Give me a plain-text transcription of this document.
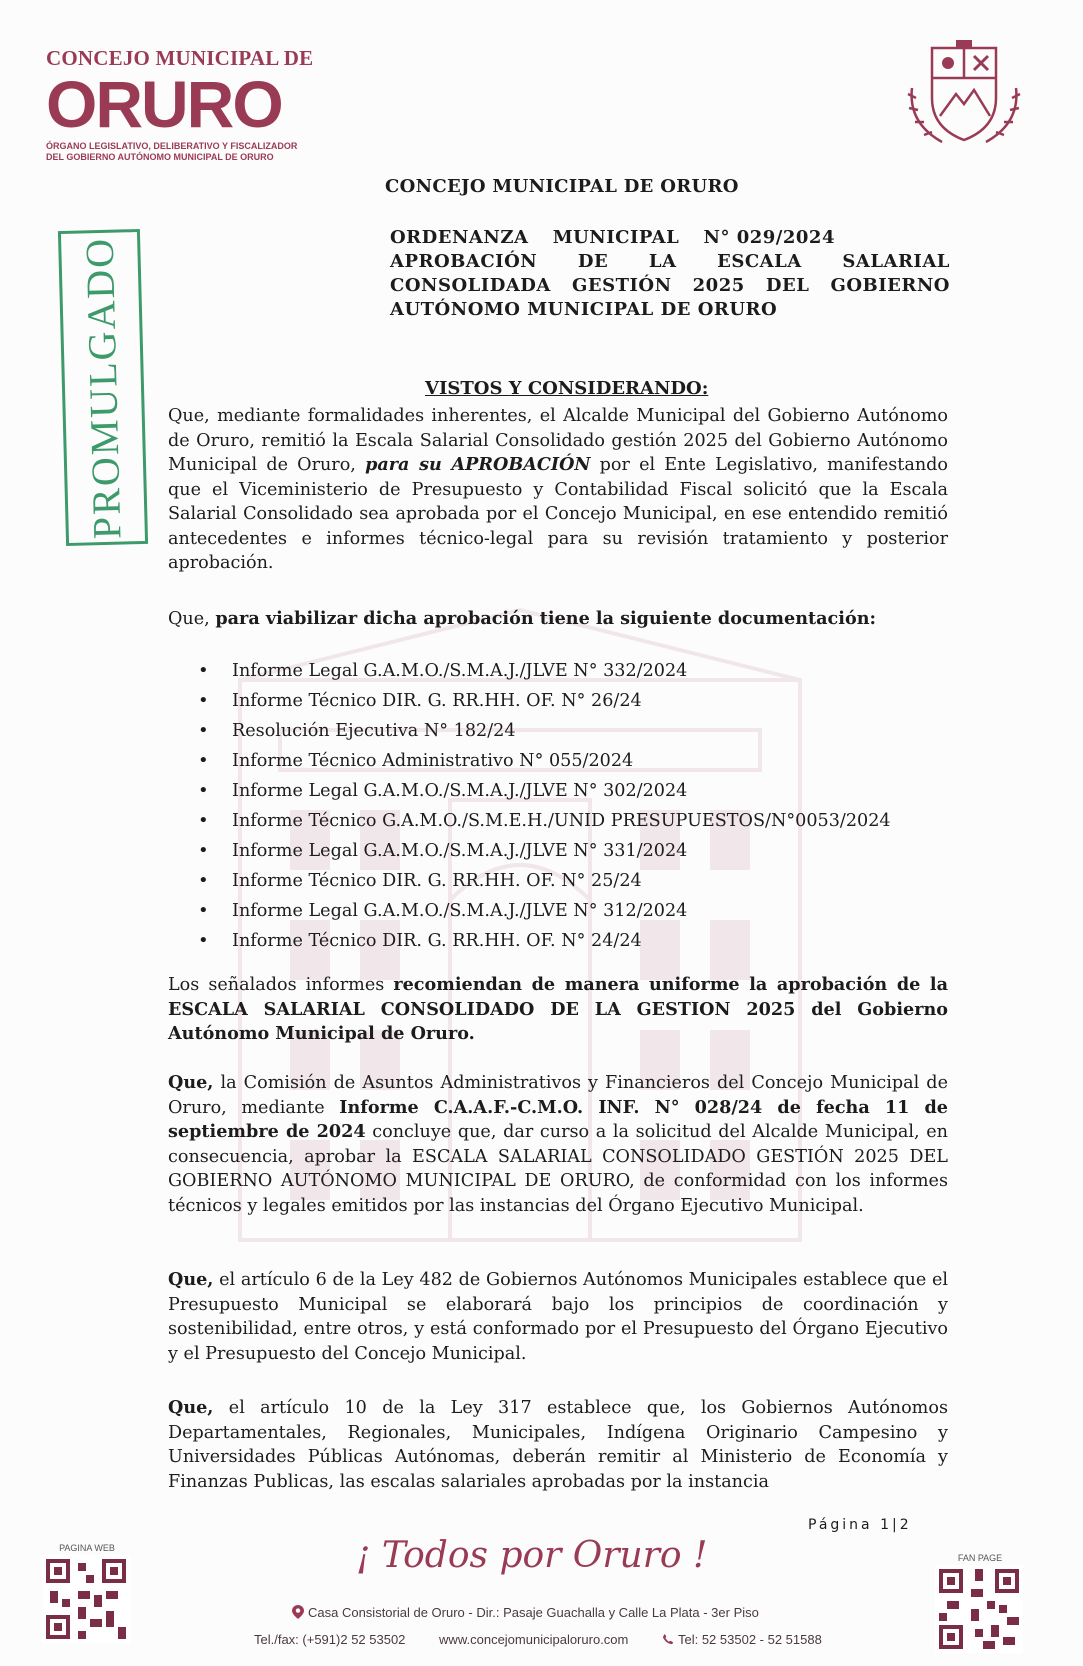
CONCEJO MUNICIPAL DE
ORURO
ÓRGANO LEGISLATIVO, DELIBERATIVO Y FISCALIZADOR
DEL GOBIERNO AUTÓNOMO MUNICIPAL DE ORURO
PROMULGADO
CONCEJO MUNICIPAL DE ORURO
ORDENANZA MUNICIPAL N° 029/2024
APROBACIÓN DE LA ESCALA SALARIAL
CONSOLIDADA GESTIÓN 2025 DEL GOBIERNO
AUTÓNOMO MUNICIPAL DE ORURO
VISTOS Y CONSIDERANDO:
Que, mediante formalidades inherentes, el Alcalde Municipal del Gobierno Autónomo de Oruro, remitió la Escala Salarial Consolidado gestión 2025 del Gobierno Autónomo Municipal de Oruro, para su APROBACIÓN por el Ente Legislativo, manifestando que el Viceministerio de Presupuesto y Contabilidad Fiscal solicitó que la Escala Salarial Consolidado sea aprobada por el Concejo Municipal, en ese entendido remitió antecedentes e informes técnico-legal para su revisión tratamiento y posterior aprobación.
Que, para viabilizar dicha aprobación tiene la siguiente documentación:
• Informe Legal G.A.M.O./S.M.A.J./JLVE N° 332/2024
• Informe Técnico DIR. G. RR.HH. OF. N° 26/24
• Resolución Ejecutiva N° 182/24
• Informe Técnico Administrativo N° 055/2024
• Informe Legal G.A.M.O./S.M.A.J./JLVE N° 302/2024
• Informe Técnico G.A.M.O./S.M.E.H./UNID PRESUPUESTOS/N°0053/2024
• Informe Legal G.A.M.O./S.M.A.J./JLVE N° 331/2024
• Informe Técnico DIR. G. RR.HH. OF. N° 25/24
• Informe Legal G.A.M.O./S.M.A.J./JLVE N° 312/2024
• Informe Técnico DIR. G. RR.HH. OF. N° 24/24
Los señalados informes recomiendan de manera uniforme la aprobación de la ESCALA SALARIAL CONSOLIDADO DE LA GESTION 2025 del Gobierno Autónomo Municipal de Oruro.
Que, la Comisión de Asuntos Administrativos y Financieros del Concejo Municipal de Oruro, mediante Informe C.A.A.F.-C.M.O. INF. N° 028/24 de fecha 11 de septiembre de 2024 concluye que, dar curso a la solicitud del Alcalde Municipal, en consecuencia, aprobar la ESCALA SALARIAL CONSOLIDADO GESTIÓN 2025 DEL GOBIERNO AUTÓNOMO MUNICIPAL DE ORURO, de conformidad con los informes técnicos y legales emitidos por las instancias del Órgano Ejecutivo Municipal.
Que, el artículo 6 de la Ley 482 de Gobiernos Autónomos Municipales establece que el Presupuesto Municipal se elaborará bajo los principios de coordinación y sostenibilidad, entre otros, y está conformado por el Presupuesto del Órgano Ejecutivo y el Presupuesto del Concejo Municipal.
Que, el artículo 10 de la Ley 317 establece que, los Gobiernos Autónomos Departamentales, Regionales, Municipales, Indígena Originario Campesino y Universidades Públicas Autónomas, deberán remitir al Ministerio de Economía y Finanzas Publicas, las escalas salariales aprobadas por la instancia
Página 1|2
PAGINA WEB	¡ Todos por Oruro !	FAN PAGE
Casa Consistorial de Oruro - Dir.: Pasaje Guachalla y Calle La Plata - 3er Piso
Tel./fax: (+591)2 52 53502	www.concejomunicipaloruro.com	Tel: 52 53502 - 52 51588
